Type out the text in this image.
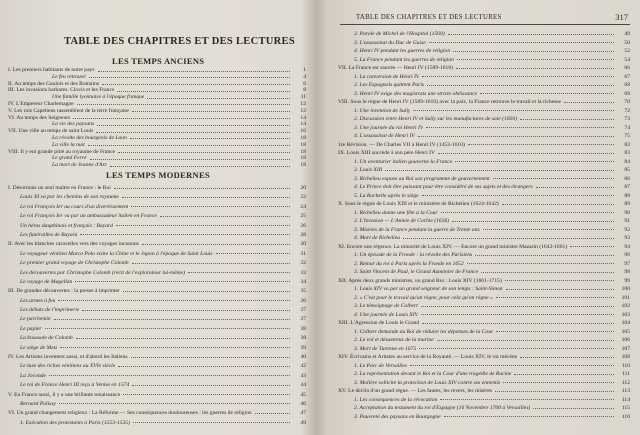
TABLE DES CHAPITRES ET DES LECTURES
LES TEMPS ANCIENS
I. Les premiers habitants de notre pays	1
Le feu retrouvé	4
II. Au temps des Gaulois et des Romains	6
III. Les invasions barbares. Clovis et les Francs	8
Une famille lyonnaise à l'époque franque	11
IV. L'Empereur Charlemagne	12
V. Les rois Capétiens rassemblent de la terre française	12
VI. Au temps des Seigneurs	14
La vie des paysans	14
VII. Une ville au temps de saint Louis	16
La révolte des bourgeois de Laon	18
La ville la nuit	18
VIII. Il y eut grande pitié au royaume de France	18
Le grand Ferré	18
La mort de Jeanne d'Arc	18
LES TEMPS MODERNES
I. Désormais un seul maître en France : le Roi	20
Louis XI va par les chemins de son royaume	22
Le roi François Ier au cours d'un divertissement	24
Le roi François Ier vu par un ambassadeur italien en France	25
Un héros dauphinois et français : Bayard	26
Les funérailles de Bayard	28
II. Avec les blanches caravelles vers des voyages inconnus	30
Le voyageur vénitien Marco Polo visite la Chine et le Japon à l'époque de Saint Louis	31
Le premier grand voyage de Christophe Colomb	32
Les découvertes par Christophe Colomb (récit de l'explorateur lui-même)	33
Le voyage de Magellan	34
III. De grandes découvertes : la presse à imprimer	35
Les armes à feu	36
Les débuts de l'imprimerie	37
Le parchemin	37
Le papier	38
La boussole de Colomb	38
Le siège de Metz	39
IV. Les Artistes inventent aussi, et d'abord les Italiens	40
Le luxe des riches vénitiens au XVIe siècle	42
La Joconde	43
Le roi de France Henri III reçu à Venise en 1574	44
V. En France aussi, il y a une brillante renaissance	45
Bernard Palissy	46
VI. Un grand changement religieux : La Réforme — Ses conséquences douloureuses : les guerres de religion	47
1. Exécution des protestants à Paris (1553-1535)	49
TABLE DES CHAPITRES ET DES LECTURES	317
2. Parole de Michel de l'Hospital (1560)	49
3. L'assassinat du Duc de Guise	50
4. Henri IV pendant les guerres de religion	52
5. La France pendant les guerres de religion	54
VII. La France est sauvée — Henri IV (1589-1610)	66
1. La conversion de Henri IV	67
2. Les Espagnols quittent Paris	68
3. Henri IV exige des magistrats une stricte obéissance	69
VIII. Sous le règne de Henri IV (1589-1610) avec la paix, la France retrouve le travail et la richesse	70
1. Une invention de Sully	72
2. Discussion entre Henri IV et Sully sur les manufactures de soie (1603)	73
3. Une journée du roi Henri IV	74
4. L'assassinat de Henri IV	75
1re Révision. — De Charles VII à Henri IV (1453-1610)	82
IX. Louis XIII succède à son père Henri IV	83
1. Un aventurier italien gouverne la France	84
2. Louis XIII	85
3. Richelieu expose au Roi son programme de gouvernement	86
4. Le Prince doit être puissant pour être considéré de ses sujets et des étrangers	87
5. La Rochelle après le siège	88
X. Sous le règne de Louis XIII et le ministère de Richelieu (1624-1642)	89
1. Richelieu donne une fête à la Cour	90
2. L'Invasion — L'Année de Corbie (1636)	91
3. Misères de la France pendant la guerre de Trente ans	92
4. Mort de Richelieu	93
XI. Encore une régence. La minorité de Louis XIV. — Encore un grand ministre Mazarin (1643-1661)	94
1. Un épisode de la Fronde : la révolte des Parisiens	96
2. Retour du roi à Paris après la Fronde en 1652	97
3. Saint Vincent de Paul, le Grand Aumônier de France	98
XII. Après deux grands ministres, un grand Roi : Louis XIV (1661-1715)	99
1. Louis XIV va par un grand seigneur de son temps : Saint-Simon	100
2. « C'est pour le travail qu'un règne, pour cela qu'on règne »	101
3. Le témoignage de Colbert	102
4. Une journée de Louis XIV	103
XIII. L'Agression de Louis le Grand	104
1. Colbert demande au Roi de réduire les dépenses de la Cour	105
2. Le vol et désastreux de la marine	106
3. Mort de Turenne en 1675	107
XIV. Écrivains et Artistes au service de la Royauté. — Louis XIV, le roi mécène	108
1. Le Parc de Versailles	110
2. La représentation devant le Roi et la Cour d'une tragédie de Racine	111
3. Molière sollicite la protection de Louis XIV contre ses ennemis	112
XV. Le déclin d'un grand règne. — Les fautes, les revers, les misères	113
1. Les conséquences de la révocation	114
2. Acceptation du testament du roi d'Espagne (16 Novembre 1700 à Versailles)	115
3. Pauvreté des paysans en Bourgogne	116
